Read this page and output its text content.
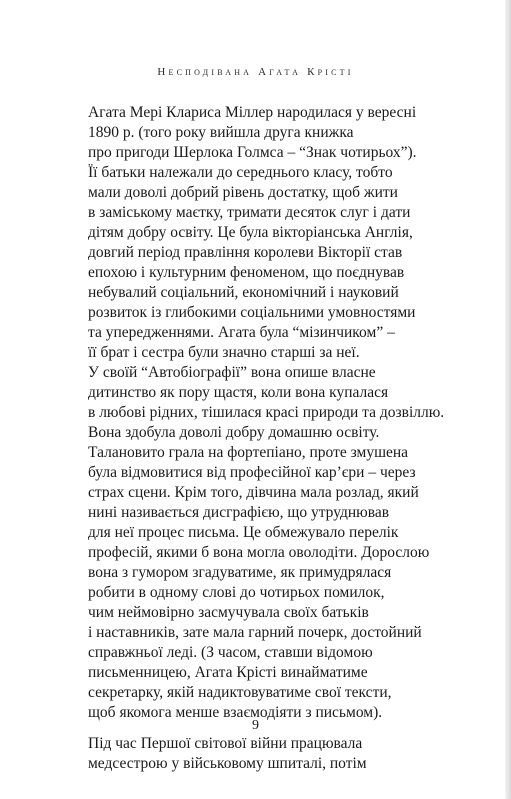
Несподівана Агата Крісті
Агата Мері Клариса Міллер народилася у вересні
1890 р. (того року вийшла друга книжка
про пригоди Шерлока Голмса – “Знак чотирьох”).
Її батьки належали до середнього класу, тобто
мали доволі добрий рівень достатку, щоб жити
в заміському маєтку, тримати десяток слуг і дати
дітям добру освіту. Це була вікторіанська Англія,
довгий період правління королеви Вікторії став
епохою і культурним феноменом, що поєднував
небувалий соціальний, економічний і науковий
розвиток із глибокими соціальними умовностями
та упередженнями. Агата була “мізинчиком” –
її брат і сестра були значно старші за неї.
У своїй “Автобіографії” вона опише власне
дитинство як пору щастя, коли вона купалася
в любові рідних, тішилася красі природи та дозвіллю.
Вона здобула доволі добру домашню освіту.
Талановито грала на фортепіано, проте змушена
була відмовитися від професійної кар’єри – через
страх сцени. Крім того, дівчина мала розлад, який
нині називається дисграфією, що утруднював
для неї процес письма. Це обмежувало перелік
професій, якими б вона могла оволодіти. Дорослою
вона з гумором згадуватиме, як примудрялася
робити в одному слові до чотирьох помилок,
чим неймовірно засмучувала своїх батьків
і наставників, зате мала гарний почерк, достойний
справжньої леді. (З часом, ставши відомою
письменницею, Агата Крісті винайматиме
секретарку, якій надиктовуватиме свої тексти,
щоб якомога менше взаємодіяти з письмом).
Під час Першої світової війни працювала
медсестрою у військовому шпиталі, потім
9
